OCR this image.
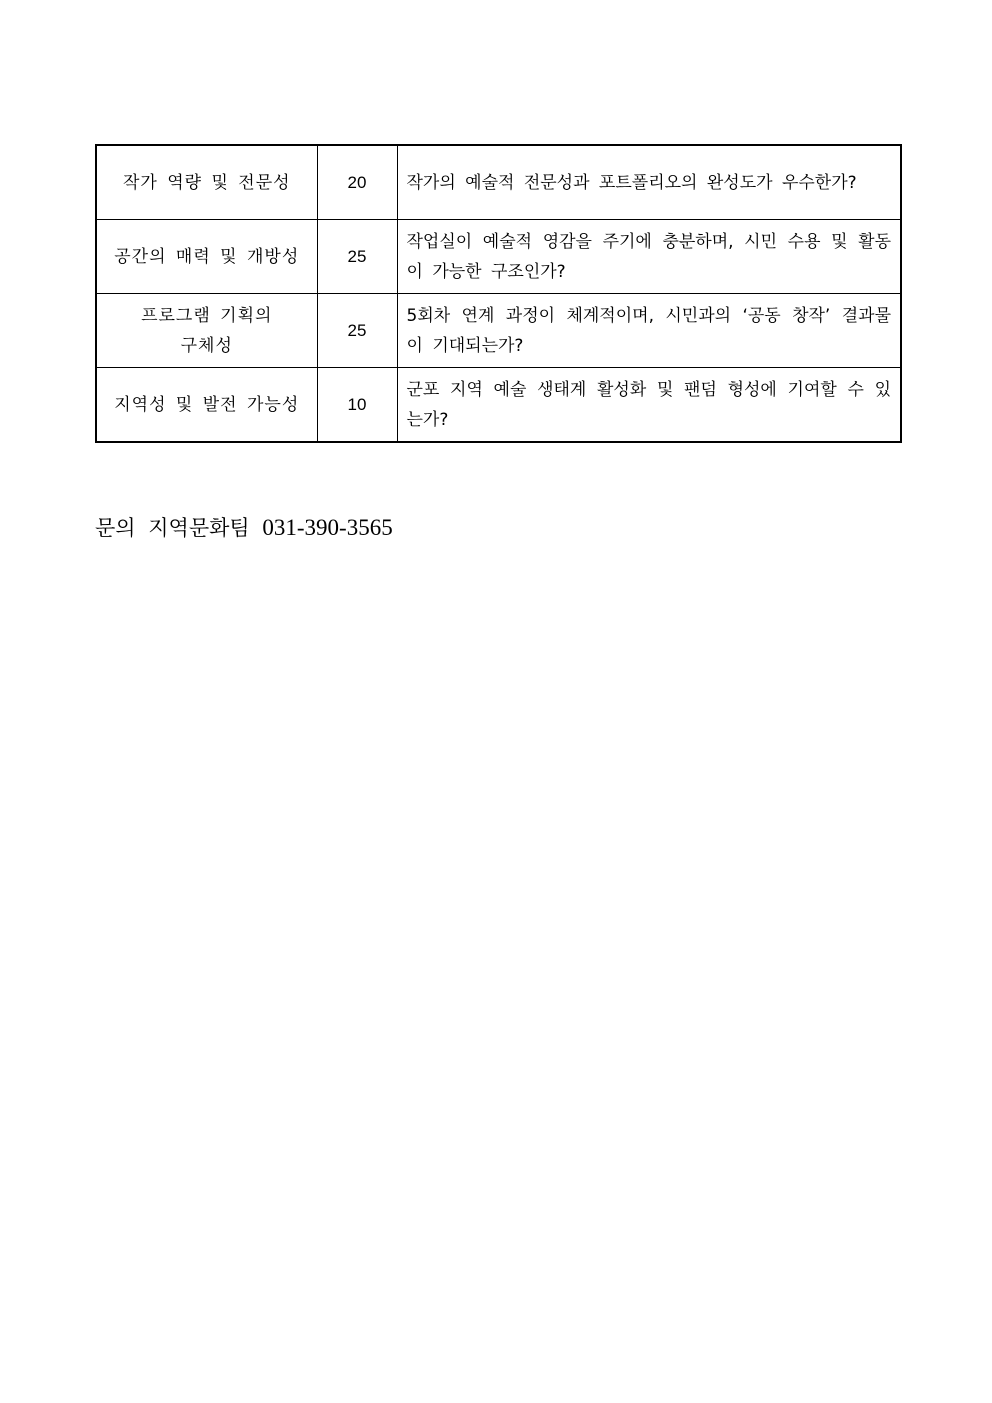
작가 역량 및 전문성	20	작가의 예술적 전문성과 포트폴리오의 완성도가 우수한가?
공간의 매력 및 개방성	25	작업실이 예술적 영감을 주기에 충분하며, 시민 수용 및 활동이 가능한 구조인가?

프로그램 기획의
구체성	25	5회차 연계 과정이 체계적이며, 시민과의 ‘공동 창작’ 결과물이 기대되는가?
지역성 및 발전 가능성	10	군포 지역 예술 생태계 활성화 및 팬덤 형성에 기여할 수 있는가?
문의 지역문화팀 031-390-3565
